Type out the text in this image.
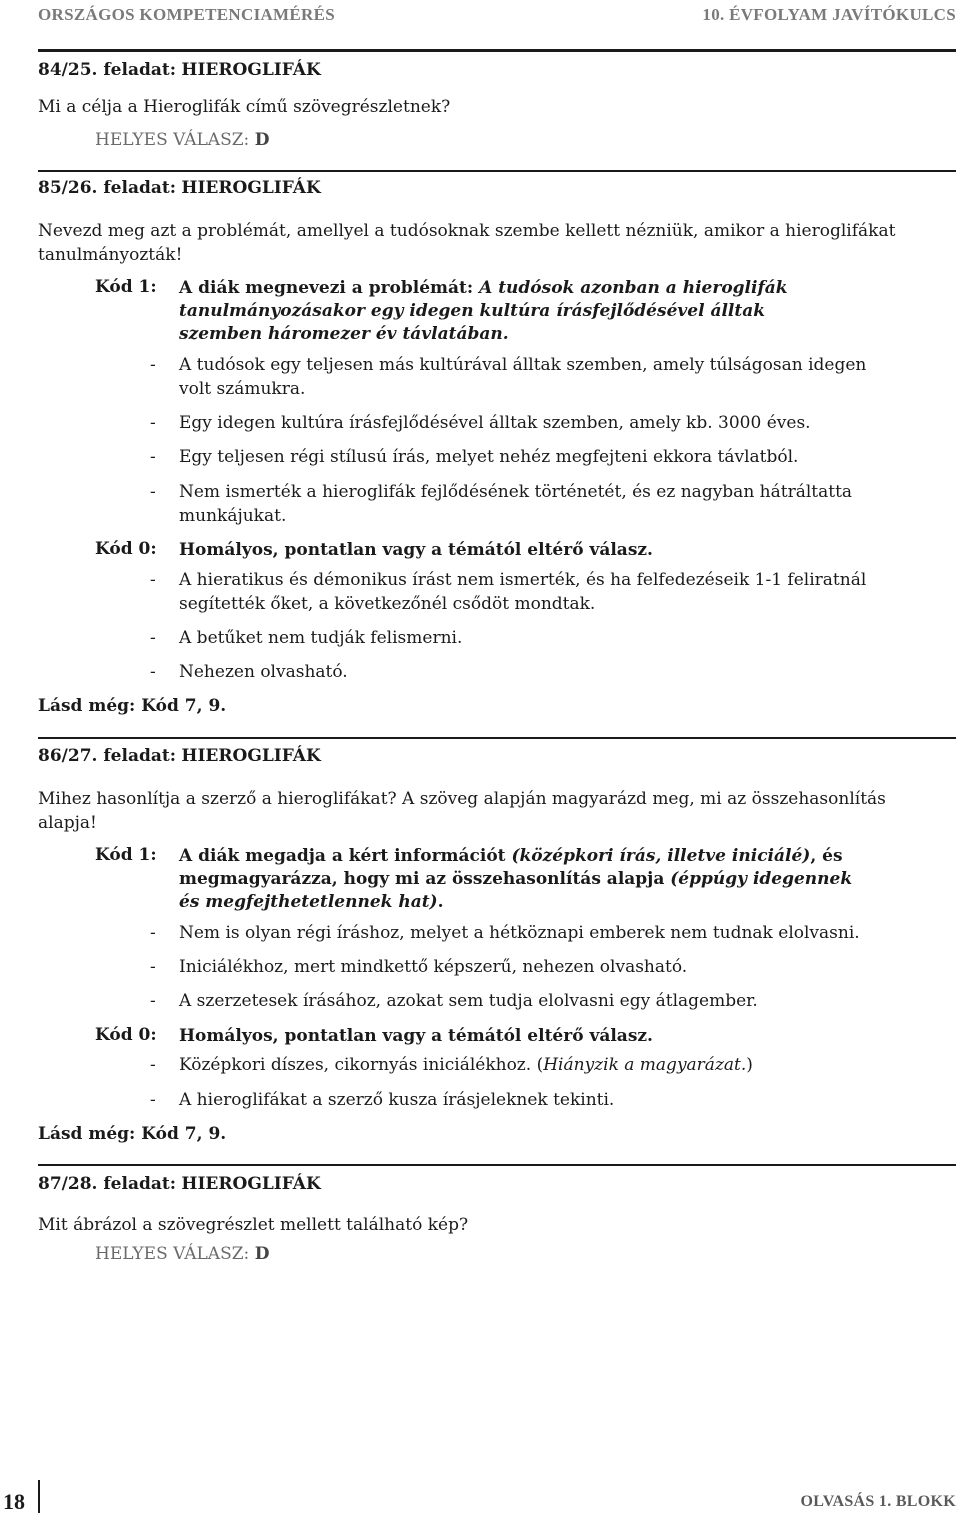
ORSZÁGOS KOMPETENCIAMÉRÉS	10. ÉVFOLYAM JAVÍTÓKULCS
84/25. feladat: HIEROGLIFÁK
Mi a célja a Hieroglifák című szövegrészletnek?
HELYES VÁLASZ: D
85/26. feladat: HIEROGLIFÁK
Nevezd meg azt a problémát, amellyel a tudósoknak szembe kellett nézniük, amikor a hieroglifákat
tanulmányozták!
Kód 1: A diák megnevezi a problémát: A tudósok azonban a hieroglifák
tanulmányozásakor egy idegen kultúra írásfejlődésével álltak
szemben háromezer év távlatában.
- A tudósok egy teljesen más kultúrával álltak szemben, amely túlságosan idegen
volt számukra.
- Egy idegen kultúra írásfejlődésével álltak szemben, amely kb. 3000 éves.
- Egy teljesen régi stílusú írás, melyet nehéz megfejteni ekkora távlatból.
- Nem ismerték a hieroglifák fejlődésének történetét, és ez nagyban hátráltatta
munkájukat.
Kód 0: Homályos, pontatlan vagy a témától eltérő válasz.
- A hieratikus és démonikus írást nem ismerték, és ha felfedezéseik 1-1 feliratnál
segítették őket, a következőnél csődöt mondtak.
- A betűket nem tudják felismerni.
- Nehezen olvasható.
Lásd még: Kód 7, 9.
86/27. feladat: HIEROGLIFÁK
Mihez hasonlítja a szerző a hieroglifákat? A szöveg alapján magyarázd meg, mi az összehasonlítás
alapja!
Kód 1: A diák megadja a kért információt (középkori írás, illetve iniciálé), és
megmagyarázza, hogy mi az összehasonlítás alapja (éppúgy idegennek
és megfejthetetlennek hat).
- Nem is olyan régi íráshoz, melyet a hétköznapi emberek nem tudnak elolvasni.
- Iniciálékhoz, mert mindkettő képszerű, nehezen olvasható.
- A szerzetesek írásához, azokat sem tudja elolvasni egy átlagember.
Kód 0: Homályos, pontatlan vagy a témától eltérő válasz.
- Középkori díszes, cikornyás iniciálékhoz. (Hiányzik a magyarázat.)
- A hieroglifákat a szerző kusza írásjeleknek tekinti.
Lásd még: Kód 7, 9.
87/28. feladat: HIEROGLIFÁK
Mit ábrázol a szövegrészlet mellett található kép?
HELYES VÁLASZ: D
18	OLVASÁS 1. BLOKK
